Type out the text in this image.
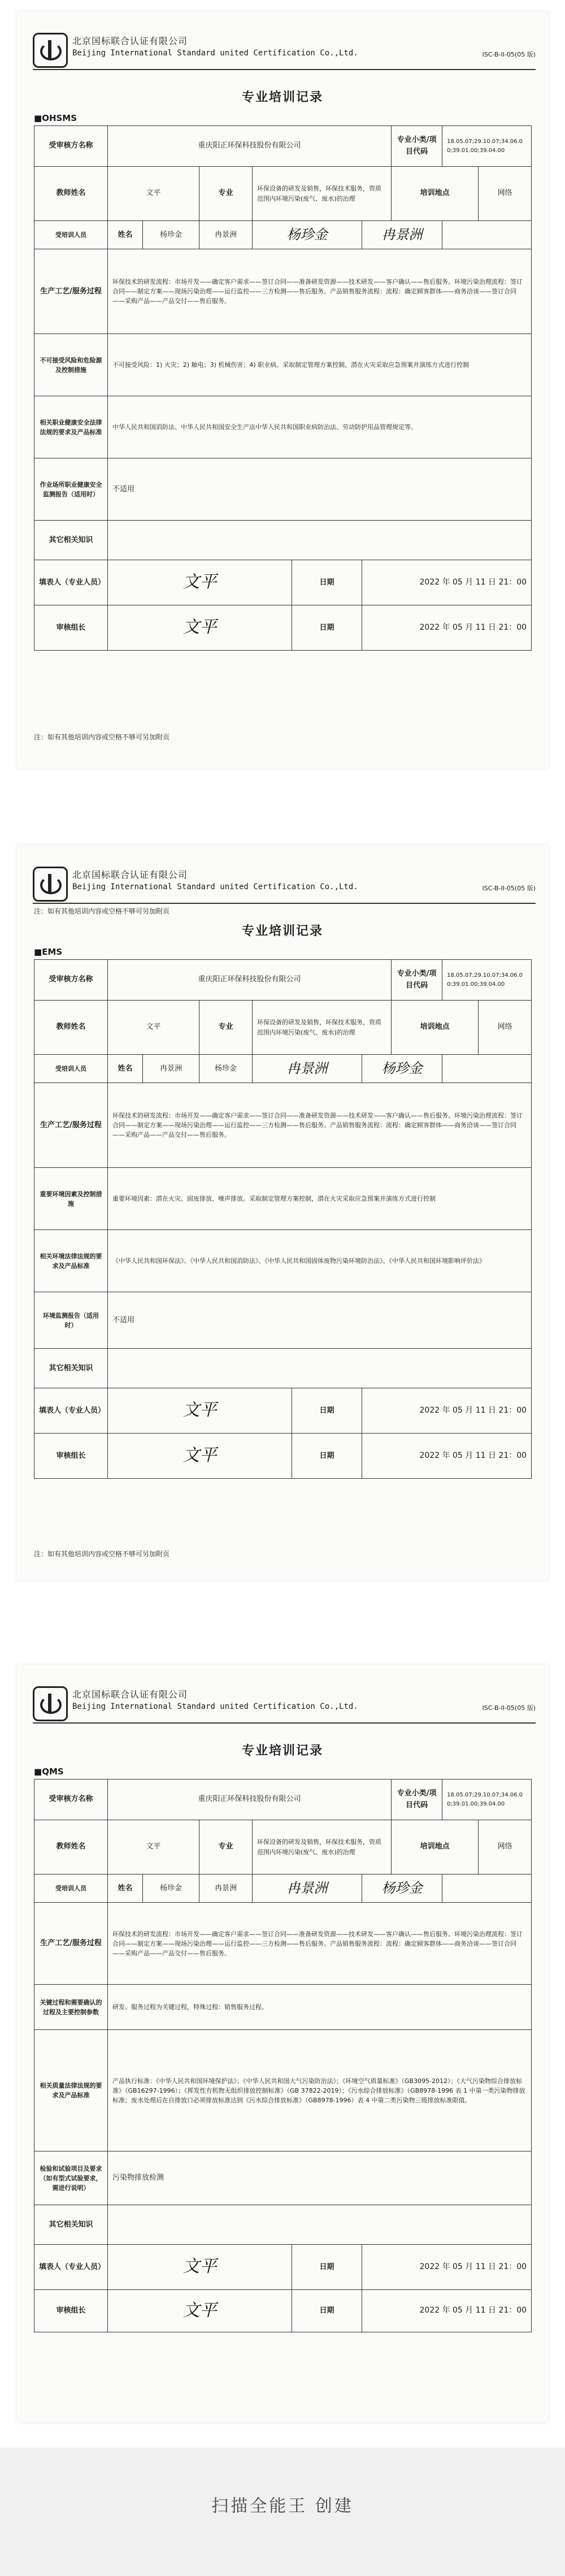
北京国标联合认证有限公司
Beijing International Standard united Certification Co.,Ltd.	ISC-B-II-05(05 版)
专业培训记录
■OHSMS
受审核方名称	重庆阳正环保科技股份有限公司						专业小类/项目代码	18.05.07;29.10.07;34.06.00;39.01.00;39.04.00	
教师姓名	文平		专业	环保设备的研发及销售，环保技术服务，资质范围内环境污染(废气、废水)的治理			培训地点		网络
受培训人员	姓名	杨珍金	冉景洲	杨珍金		冉景洲			
生产工艺/服务过程	环保技术的研发流程：市场开发——确定客户需求——签订合同——准备研发资源——技术研发——客户确认——售后服务。环境污染治理流程：签订合同——制定方案——现场污染治理——运行监控——三方检测——售后服务。产品销售服务流程：流程：确定顾客群体——商务洽谈——签订合同——采购产品——产品交付——售后服务。								
不可接受风险和危险源及控制措施	不可接受风险：1) 火灾；2) 触电；3) 机械伤害；4) 职业病。采取制定管理方案控制，潜在火灾采取应急预案并演练方式进行控制								
相关职业健康安全法律法规的要求及产品标准	中华人民共和国消防法、中华人民共和国安全生产法中华人民共和国职业病防治法、劳动防护用品管理规定等。								
作业场所职业健康安全监测报告（适用时）	不适用								
其它相关知识									
填表人（专业人员）	文平				日期	2022 年 05 月 11 日 21：00			
审核组长	文平				日期	2022 年 05 月 11 日 21：00			
注：如有其他培训内容或空格不够可另加附页
北京国标联合认证有限公司
Beijing International Standard united Certification Co.,Ltd.	ISC-B-II-05(05 版)
注：如有其他培训内容或空格不够可另加附页
专业培训记录
■EMS
受审核方名称	重庆阳正环保科技股份有限公司						专业小类/项目代码	18.05.07;29.10.07;34.06.00;39.01.00;39.04.00	
教师姓名	文平		专业	环保设备的研发及销售，环保技术服务，资质范围内环境污染(废气、废水)的治理			培训地点		网络
受培训人员	姓名	冉景洲	杨珍金	冉景洲		杨珍金			
生产工艺/服务过程	环保技术的研发流程：市场开发——确定客户需求——签订合同——准备研发资源——技术研发——客户确认——售后服务。环境污染治理流程：签订合同——制定方案——现场污染治理——运行监控——三方检测——售后服务。产品销售服务流程：流程：确定顾客群体——商务洽谈——签订合同——采购产品——产品交付——售后服务。								
重要环境因素及控制措施	重要环境因素：潜在火灾、固废排放、噪声排放。采取制定管理方案控制，潜在火灾采取应急预案并演练方式进行控制								
相关环境法律法规的要求及产品标准	《中华人民共和国环保法》、《中华人民共和国消防法》、《中华人民共和国固体废物污染环境防治法》、《中华人民共和国环境影响评价法》								
环境监测报告（适用时）	不适用								
其它相关知识									
填表人（专业人员）	文平				日期	2022 年 05 月 11 日 21：00			
审核组长	文平				日期	2022 年 05 月 11 日 21：00			
注：如有其他培训内容或空格不够可另加附页
北京国标联合认证有限公司
Beijing International Standard united Certification Co.,Ltd.	ISC-B-II-05(05 版)
专业培训记录
■QMS
受审核方名称	重庆阳正环保科技股份有限公司						专业小类/项目代码	18.05.07;29.10.07;34.06.00;39.01.00;39.04.00	
教师姓名	文平		专业	环保设备的研发及销售，环保技术服务，资质范围内环境污染(废气、废水)的治理			培训地点		网络
受培训人员	姓名	杨珍金	冉景洲	冉景洲		杨珍金			
生产工艺/服务过程	环保技术的研发流程：市场开发——确定客户需求——签订合同——准备研发资源——技术研发——客户确认——售后服务。环境污染治理流程：签订合同——制定方案——现场污染治理——运行监控——三方检测——售后服务。产品销售服务流程：流程：确定顾客群体——商务洽谈——签订合同——采购产品——产品交付——售后服务。								
关键过程和需要确认的过程及主要控制参数	研发、服务过程为关键过程，特殊过程：销售服务过程。								
相关质量法律法规的要求及产品标准	产品执行标准：《中华人民共和国环境保护法》；《中华人民共和国大气污染防治法》；《环境空气质量标准》（GB3095-2012）；《大气污染物综合排放标准》（GB16297-1996）；《挥发性有机物无组织排放控制标准》（GB 37822-2019）；《污水综合排放标准》（GB8978-1996 表 1 中第一类污染物排放标准；废水处理后在自排放口必须排放标准达到《污水综合排放标准》（GB8978-1996）表 4 中第二类污染物三级排放标准限值。								
检验和试验项目及要求（如有型式试验要求，需进行说明）	污染物排放检测								
其它相关知识									
填表人（专业人员）	文平				日期	2022 年 05 月 11 日 21：00			
审核组长	文平				日期	2022 年 05 月 11 日 21：00			
扫描全能王 创建
